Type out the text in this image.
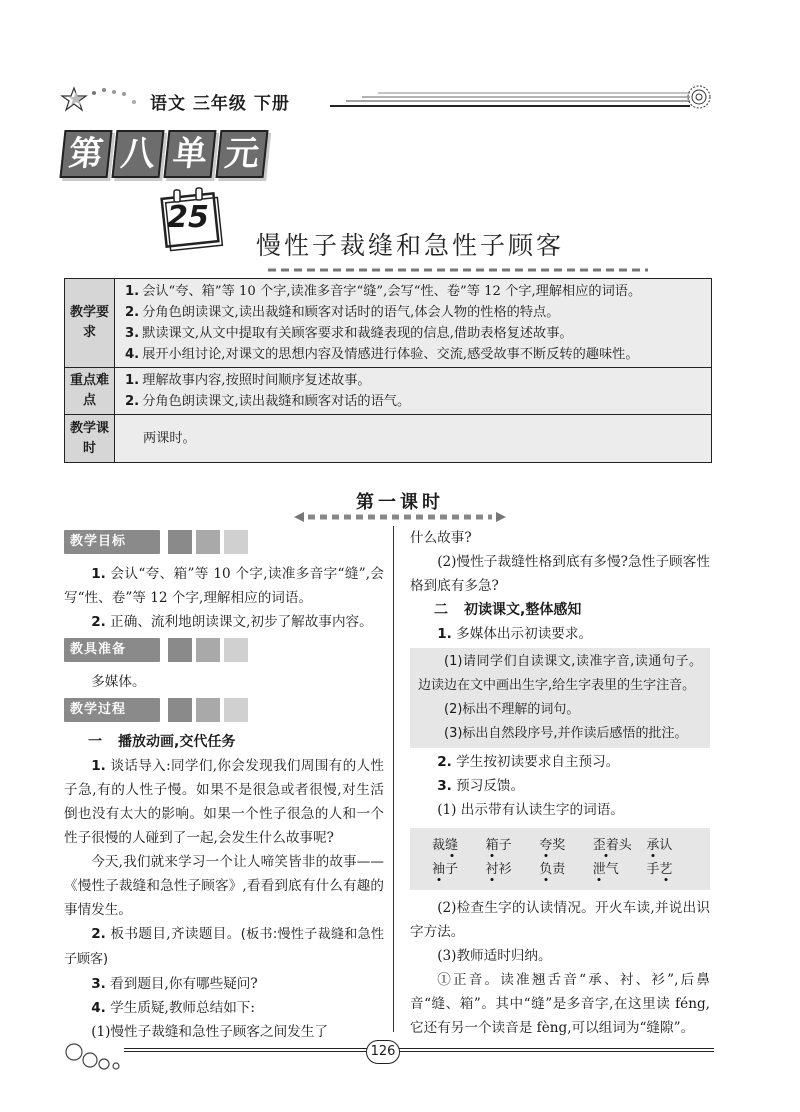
语文 三年级 下册
第 八 单 元
25
慢性子裁缝和急性子顾客
教学要求	1. 会认“夸、箱”等 10 个字,读准多音字“缝”,会写“性、卷”等 12 个字,理解相应的词语。
2. 分角色朗读课文,读出裁缝和顾客对话时的语气,体会人物的性格的特点。
3. 默读课文,从文中提取有关顾客要求和裁缝表现的信息,借助表格复述故事。
4. 展开小组讨论,对课文的思想内容及情感进行体验、交流,感受故事不断反转的趣味性。

重点难点	1. 理解故事内容,按照时间顺序复述故事。
2. 分角色朗读课文,读出裁缝和顾客对话的语气。

教学课时	两课时。
第一课时
教学目标
1. 会认“夸、箱”等 10 个字,读准多音字“缝”,会写“性、卷”等 12 个字,理解相应的词语。
2. 正确、流利地朗读课文,初步了解故事内容。
教具准备
多媒体。
教学过程
一 播放动画,交代任务
1. 谈话导入:同学们,你会发现我们周围有的人性子急,有的人性子慢。如果不是很急或者很慢,对生活倒也没有太大的影响。如果一个性子很急的人和一个性子很慢的人碰到了一起,会发生什么故事呢?
今天,我们就来学习一个让人啼笑皆非的故事——《慢性子裁缝和急性子顾客》,看看到底有什么有趣的事情发生。
2. 板书题目,齐读题目。(板书:慢性子裁缝和急性子顾客)
3. 看到题目,你有哪些疑问?
4. 学生质疑,教师总结如下:
(1)慢性子裁缝和急性子顾客之间发生了
什么故事?
(2)慢性子裁缝性格到底有多慢?急性子顾客性格到底有多急?
二 初读课文,整体感知
1. 多媒体出示初读要求。
(1)请同学们自读课文,读准字音,读通句子。边读边在文中画出生字,给生字表里的生字注音。
(2)标出不理解的词句。
(3)标出自然段序号,并作读后感悟的批注。
2. 学生按初读要求自主预习。
3. 预习反馈。
(1) 出示带有认读生字的词语。
裁缝	箱子	夸奖	歪着头	承认
袖子	衬衫	负责	泄气	手艺
(2)检查生字的认读情况。开火车读,并说出识字方法。
(3)教师适时归纳。
①正音。读准翘舌音“承、衬、衫”,后鼻音“缝、箱”。其中“缝”是多音字,在这里读 féng,它还有另一个读音是 fèng,可以组词为“缝隙”。
126
